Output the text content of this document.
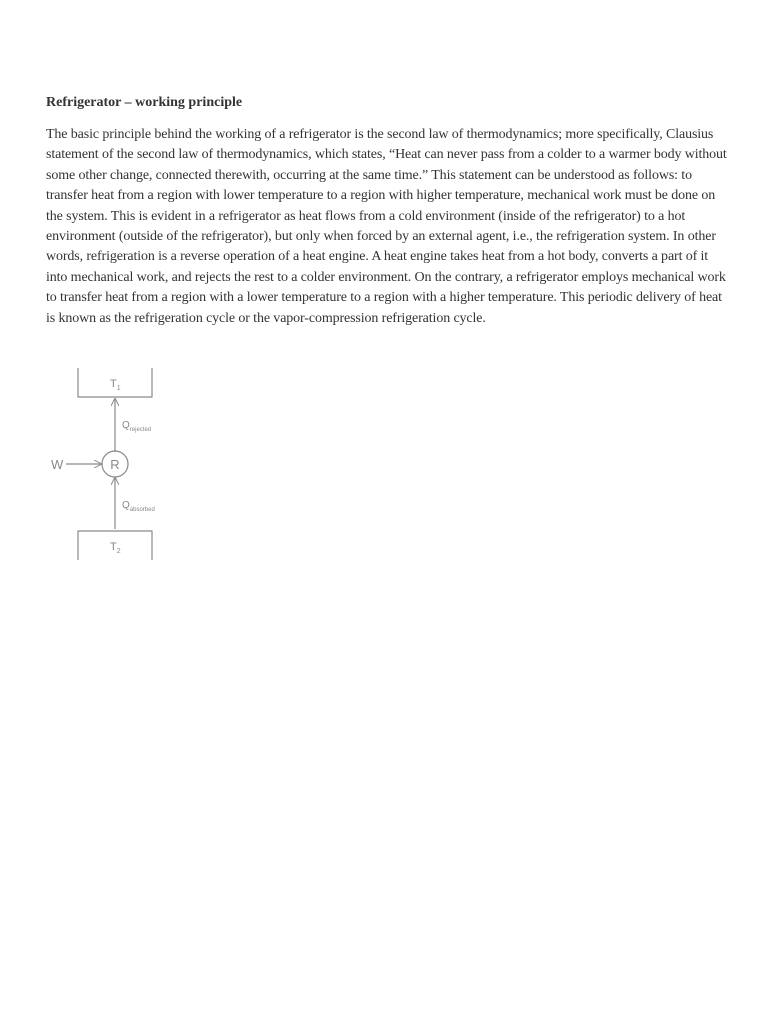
Refrigerator – working principle

The basic principle behind the working of a refrigerator is the second law of thermodynamics; more specifically, Clausius statement of the second law of thermodynamics, which states, “Heat can never pass from a colder to a warmer body without some other change, connected therewith, occurring at the same time.” This statement can be understood as follows: to transfer heat from a region with lower temperature to a region with higher temperature, mechanical work must be done on the system. This is evident in a refrigerator as heat flows from a cold environment (inside of the refrigerator) to a hot environment (outside of the refrigerator), but only when forced by an external agent, i.e., the refrigeration system. In other words, refrigeration is a reverse operation of a heat engine. A heat engine takes heat from a hot body, converts a part of it into mechanical work, and rejects the rest to a colder environment. On the contrary, a refrigerator employs mechanical work to transfer heat from a region with a lower temperature to a region with a higher temperature. This periodic delivery of heat is known as the refrigeration cycle or the vapor-compression refrigeration cycle.

$T_1$
$Q_{rejected}$
R
W
$Q_{absorbed}$
$T_2$
